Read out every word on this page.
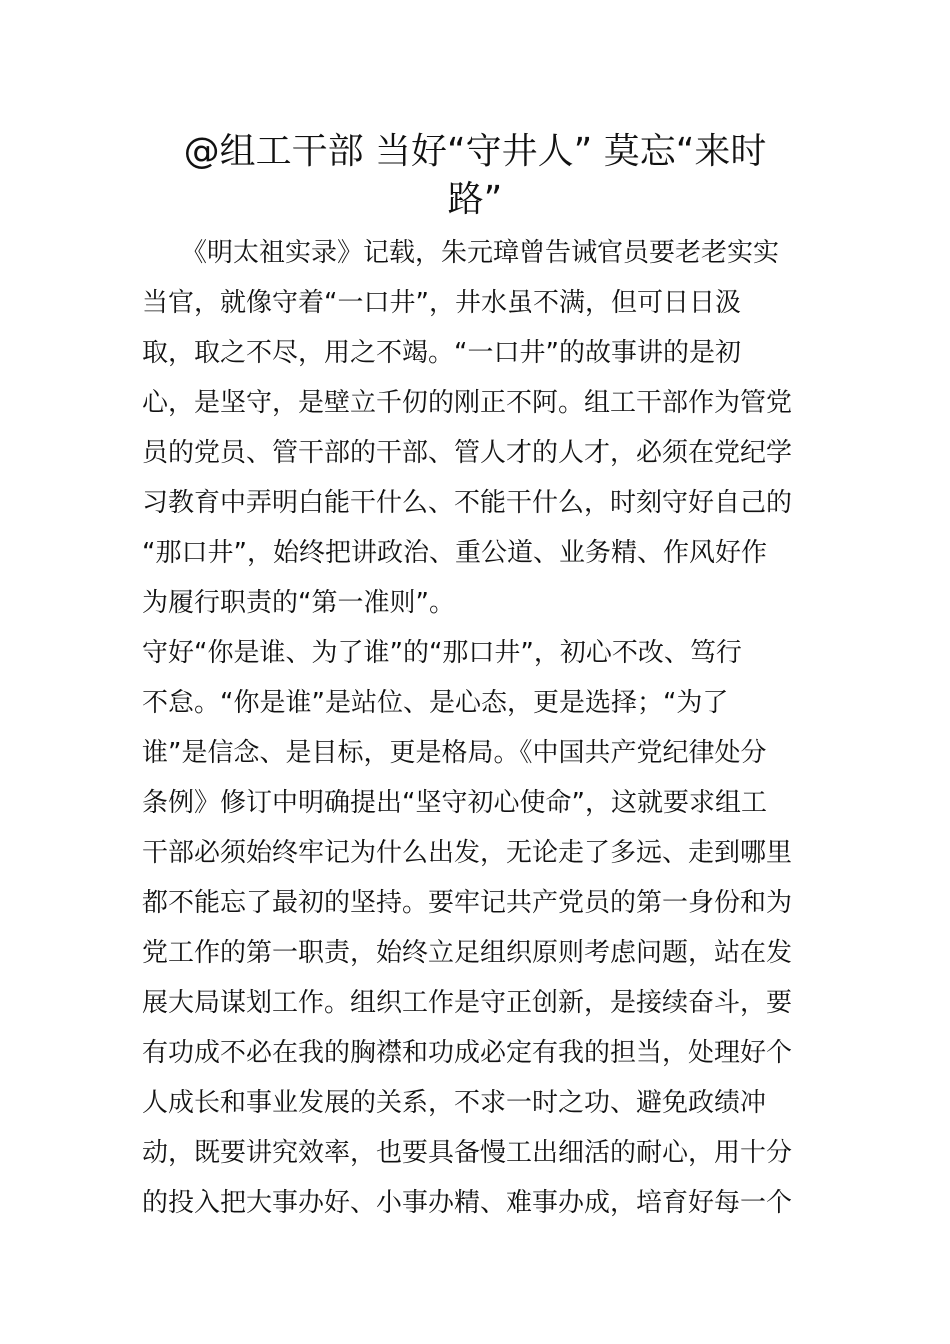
@组工干部 当好“守井人” 莫忘“来时
路”
　　《明太祖实录》记载，朱元璋曾告诫官员要老老实实
当官，就像守着“一口井”，井水虽不满，但可日日汲
取，取之不尽，用之不竭。“一口井”的故事讲的是初
心，是坚守，是壁立千仞的刚正不阿。组工干部作为管党
员的党员、管干部的干部、管人才的人才，必须在党纪学
习教育中弄明白能干什么、不能干什么，时刻守好自己的
“那口井”，始终把讲政治、重公道、业务精、作风好作
为履行职责的“第一准则”。
守好“你是谁、为了谁”的“那口井”，初心不改、笃行
不怠。“你是谁”是站位、是心态，更是选择；“为了
谁”是信念、是目标，更是格局。《中国共产党纪律处分
条例》修订中明确提出“坚守初心使命”，这就要求组工
干部必须始终牢记为什么出发，无论走了多远、走到哪里
都不能忘了最初的坚持。要牢记共产党员的第一身份和为
党工作的第一职责，始终立足组织原则考虑问题，站在发
展大局谋划工作。组织工作是守正创新，是接续奋斗，要
有功成不必在我的胸襟和功成必定有我的担当，处理好个
人成长和事业发展的关系，不求一时之功、避免政绩冲
动，既要讲究效率，也要具备慢工出细活的耐心，用十分
的投入把大事办好、小事办精、难事办成，培育好每一个
